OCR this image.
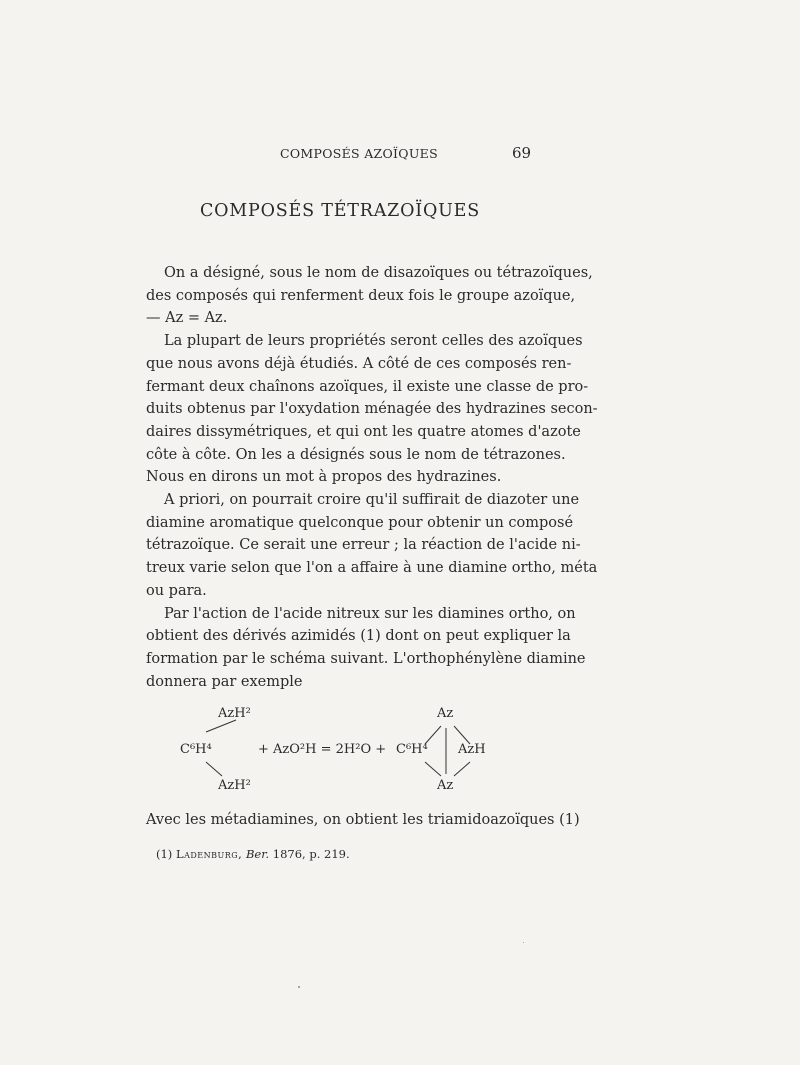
COMPOSÉS AZOÏQUES	69
COMPOSÉS TÉTRAZOÏQUES
On a désigné, sous le nom de disazoïques ou tétrazoïques,
des composés qui renferment deux fois le groupe azoïque,
— Az = Az.
La plupart de leurs propriétés seront celles des azoïques
que nous avons déjà étudiés. A côté de ces composés ren-
fermant deux chaînons azoïques, il existe une classe de pro-
duits obtenus par l'oxydation ménagée des hydrazines secon-
daires dissymétriques, et qui ont les quatre atomes d'azote
côte à côte. On les a désignés sous le nom de tétrazones.
Nous en dirons un mot à propos des hydrazines.
A priori, on pourrait croire qu'il suffirait de diazoter une
diamine aromatique quelconque pour obtenir un composé
tétrazoïque. Ce serait une erreur ; la réaction de l'acide ni-
treux varie selon que l'on a affaire à une diamine ortho, méta
ou para.
Par l'action de l'acide nitreux sur les diamines ortho, on
obtient des dérivés azimidés (1) dont on peut expliquer la
formation par le schéma suivant. L'orthophénylène diamine
donnera par exemple
AzH²
C⁶H⁴
AzH²
+ AzO²H = 2H²O + C⁶H⁴
Az
AzH
Az
Avec les métadiamines, on obtient les triamidoazoïques (1)
(1) Ladenburg, Ber. 1876, p. 219.
